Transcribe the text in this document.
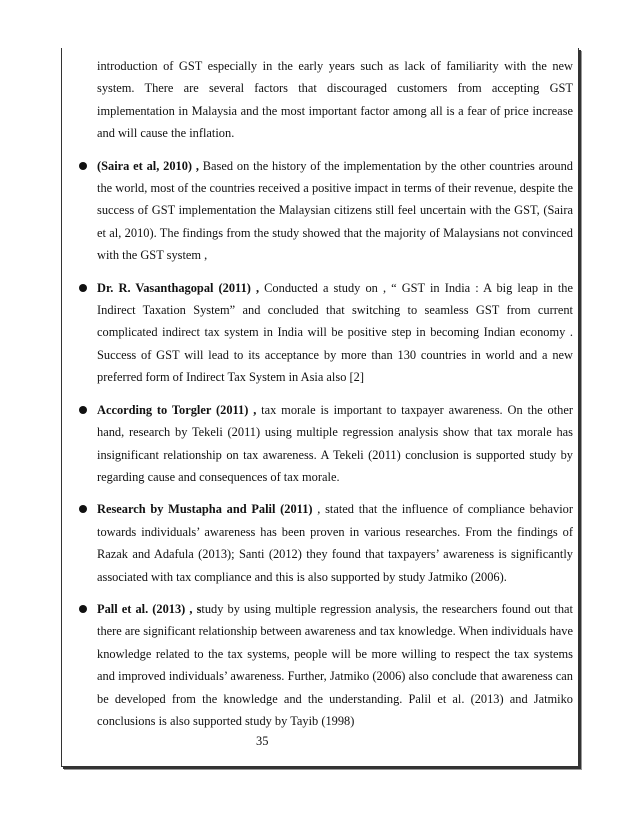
introduction of GST especially in the early years such as lack of familiarity with the new system. There are several factors that discouraged customers from accepting GST implementation in Malaysia and the most important factor among all is a fear of price increase and will cause the inflation.
(Saira et al, 2010) , Based on the history of the implementation by the other countries around the world, most of the countries received a positive impact in terms of their revenue, despite the success of GST implementation the Malaysian citizens still feel uncertain with the GST, (Saira et al, 2010). The findings from the study showed that the majority of Malaysians not convinced with the GST system ,
Dr. R. Vasanthagopal (2011) , Conducted a study on , “ GST in India : A big leap in the Indirect Taxation System” and concluded that switching to seamless GST from current complicated indirect tax system in India will be positive step in becoming Indian economy . Success of GST will lead to its acceptance by more than 130 countries in world and a new preferred form of Indirect Tax System in Asia also [2]
According to Torgler (2011) , tax morale is important to taxpayer awareness. On the other hand, research by Tekeli (2011) using multiple regression analysis show that tax morale has insignificant relationship on tax awareness. A Tekeli (2011) conclusion is supported study by regarding cause and consequences of tax morale.
Research by Mustapha and Palil (2011) , stated that the influence of compliance behavior towards individuals’ awareness has been proven in various researches. From the findings of Razak and Adafula (2013); Santi (2012) they found that taxpayers’ awareness is significantly associated with tax compliance and this is also supported by study Jatmiko (2006).
Pall et al. (2013) , study by using multiple regression analysis, the researchers found out that there are significant relationship between awareness and tax knowledge. When individuals have knowledge related to the tax systems, people will be more willing to respect the tax systems and improved individuals’ awareness. Further, Jatmiko (2006) also conclude that awareness can be developed from the knowledge and the understanding. Palil et al. (2013) and Jatmiko conclusions is also supported study by Tayib (1998)
35
